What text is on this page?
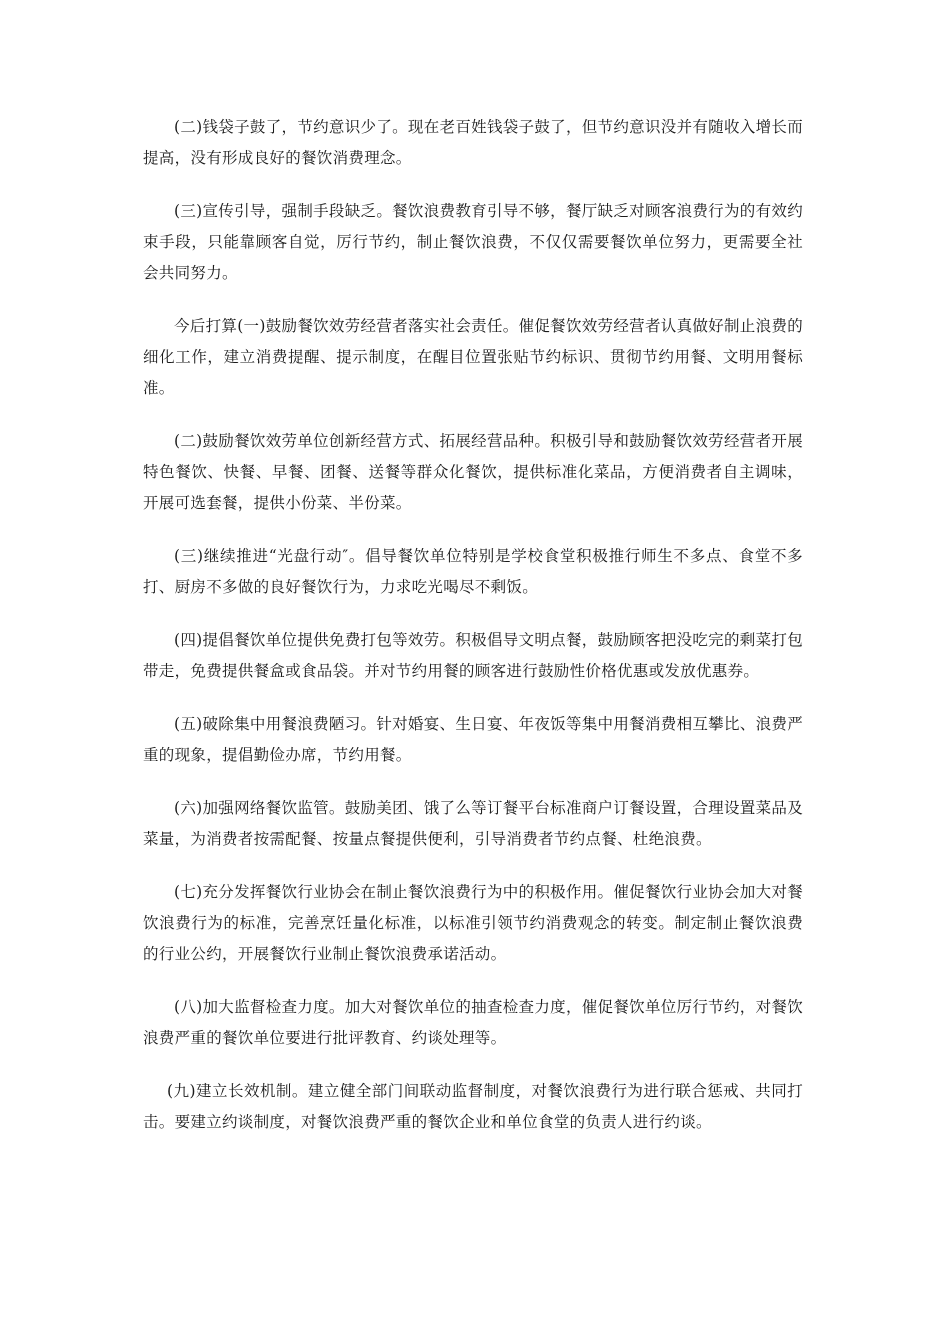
(二)钱袋子鼓了，节约意识少了。现在老百姓钱袋子鼓了，但节约意识没并有随收入增长而提高，没有形成良好的餐饮消费理念。

(三)宣传引导，强制手段缺乏。餐饮浪费教育引导不够，餐厅缺乏对顾客浪费行为的有效约束手段，只能靠顾客自觉，厉行节约，制止餐饮浪费，不仅仅需要餐饮单位努力，更需要全社会共同努力。

今后打算(一)鼓励餐饮效劳经营者落实社会责任。催促餐饮效劳经营者认真做好制止浪费的细化工作，建立消费提醒、提示制度，在醒目位置张贴节约标识、贯彻节约用餐、文明用餐标准。

(二)鼓励餐饮效劳单位创新经营方式、拓展经营品种。积极引导和鼓励餐饮效劳经营者开展特色餐饮、快餐、早餐、团餐、送餐等群众化餐饮，提供标准化菜品，方便消费者自主调味，开展可选套餐，提供小份菜、半份菜。

(三)继续推进“光盘行动″。倡导餐饮单位特别是学校食堂积极推行师生不多点、食堂不多打、厨房不多做的良好餐饮行为，力求吃光喝尽不剩饭。

(四)提倡餐饮单位提供免费打包等效劳。积极倡导文明点餐，鼓励顾客把没吃完的剩菜打包带走，免费提供餐盒或食品袋。并对节约用餐的顾客进行鼓励性价格优惠或发放优惠券。

(五)破除集中用餐浪费陋习。针对婚宴、生日宴、年夜饭等集中用餐消费相互攀比、浪费严重的现象，提倡勤俭办席，节约用餐。

(六)加强网络餐饮监管。鼓励美团、饿了么等订餐平台标准商户订餐设置，合理设置菜品及菜量，为消费者按需配餐、按量点餐提供便利，引导消费者节约点餐、杜绝浪费。

(七)充分发挥餐饮行业协会在制止餐饮浪费行为中的积极作用。催促餐饮行业协会加大对餐饮浪费行为的标准，完善烹饪量化标准，以标准引领节约消费观念的转变。制定制止餐饮浪费的行业公约，开展餐饮行业制止餐饮浪费承诺活动。

(八)加大监督检查力度。加大对餐饮单位的抽查检查力度，催促餐饮单位厉行节约，对餐饮浪费严重的餐饮单位要进行批评教育、约谈处理等。

(九)建立长效机制。建立健全部门间联动监督制度，对餐饮浪费行为进行联合惩戒、共同打击。要建立约谈制度，对餐饮浪费严重的餐饮企业和单位食堂的负责人进行约谈。
